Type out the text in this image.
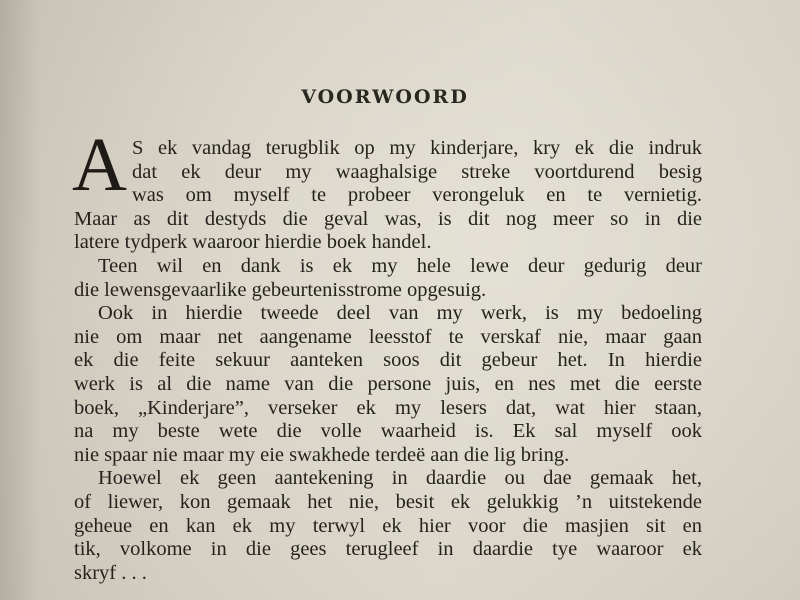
VOORWOORD
A S ek vandag terugblik op my kinderjare, kry ek die indruk
dat ek deur my waaghalsige streke voortdurend besig
was om myself te probeer verongeluk en te vernietig.
Maar as dit destyds die geval was, is dit nog meer so in die
latere tydperk waaroor hierdie boek handel.
Teen wil en dank is ek my hele lewe deur gedurig deur
die lewensgevaarlike gebeurtenisstrome opgesuig.
Ook in hierdie tweede deel van my werk, is my bedoeling
nie om maar net aangename leesstof te verskaf nie, maar gaan
ek die feite sekuur aanteken soos dit gebeur het. In hierdie
werk is al die name van die persone juis, en nes met die eerste
boek, „Kinderjare”, verseker ek my lesers dat, wat hier staan,
na my beste wete die volle waarheid is. Ek sal myself ook
nie spaar nie maar my eie swakhede terdeë aan die lig bring.
Hoewel ek geen aantekening in daardie ou dae gemaak het,
of liewer, kon gemaak het nie, besit ek gelukkig ’n uitstekende
geheue en kan ek my terwyl ek hier voor die masjien sit en
tik, volkome in die gees terugleef in daardie tye waaroor ek
skryf . . .
